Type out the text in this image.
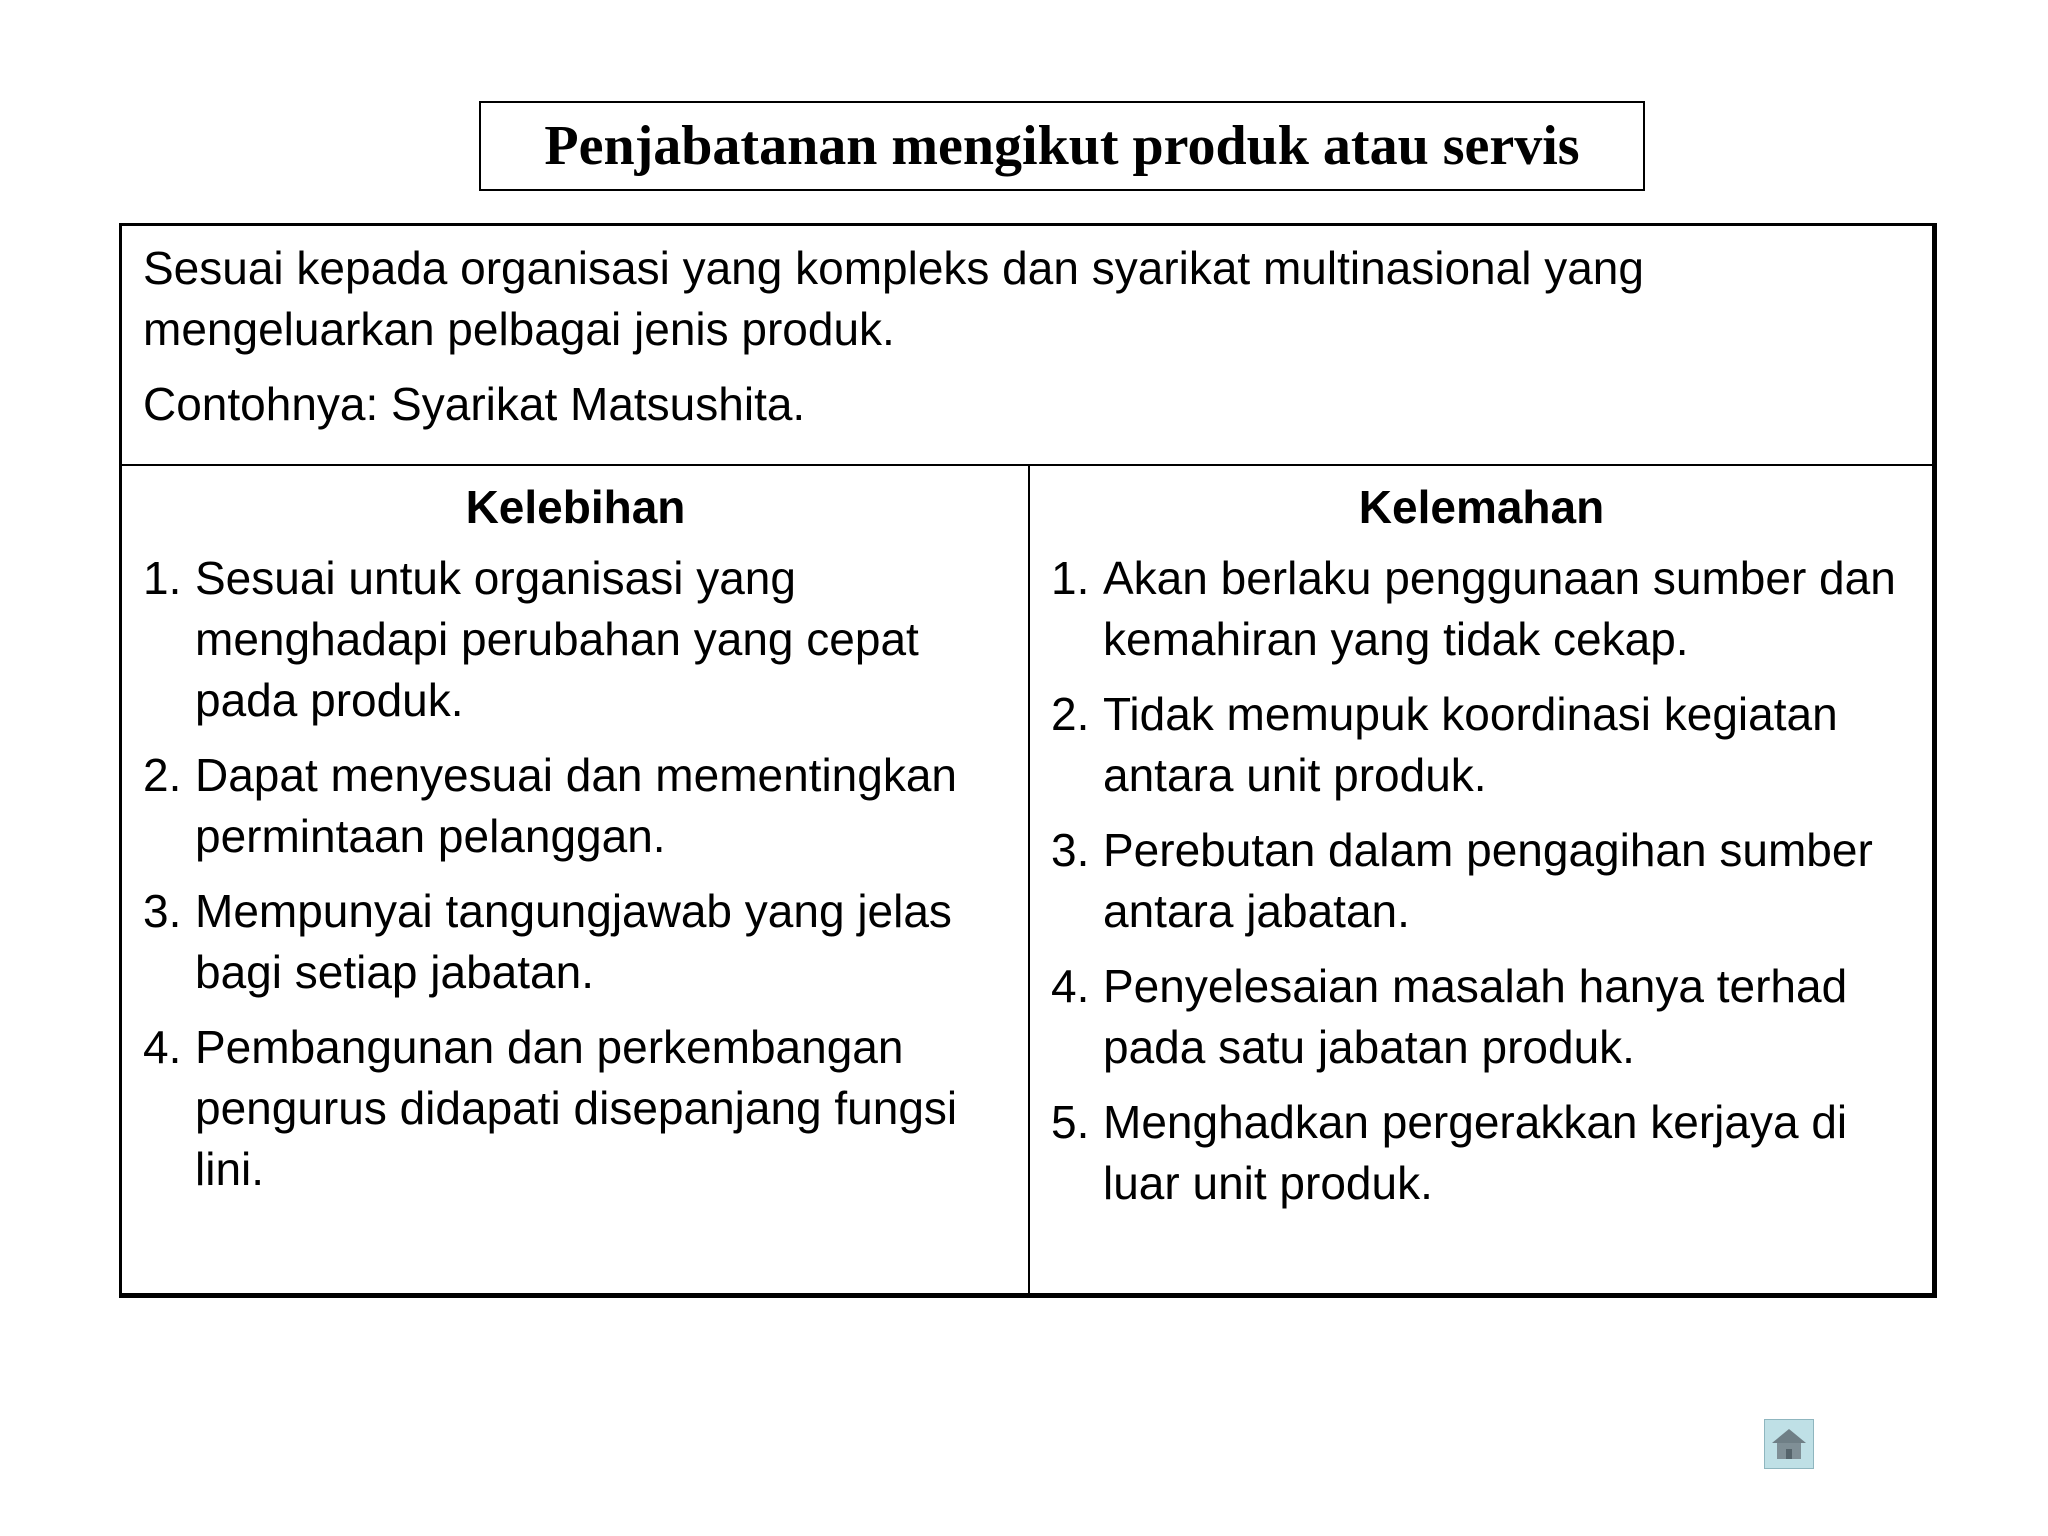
Penjabatanan mengikut produk atau servis

Sesuai kepada organisasi yang kompleks dan syarikat multinasional yang mengeluarkan pelbagai jenis produk.

Contohnya: Syarikat Matsushita.

Kelebihan
1. Sesuai untuk organisasi yang menghadapi perubahan yang cepat pada produk.
2. Dapat menyesuai dan mementingkan permintaan pelanggan.
3. Mempunyai tangungjawab yang jelas bagi setiap jabatan.
4. Pembangunan dan perkembangan pengurus didapati disepanjang fungsi lini.
Kelemahan
1. Akan berlaku penggunaan sumber dan kemahiran yang tidak cekap.
2. Tidak memupuk koordinasi kegiatan antara unit produk.
3. Perebutan dalam pengagihan sumber antara jabatan.
4. Penyelesaian masalah hanya terhad pada satu jabatan produk.
5. Menghadkan pergerakkan kerjaya di luar unit produk.
